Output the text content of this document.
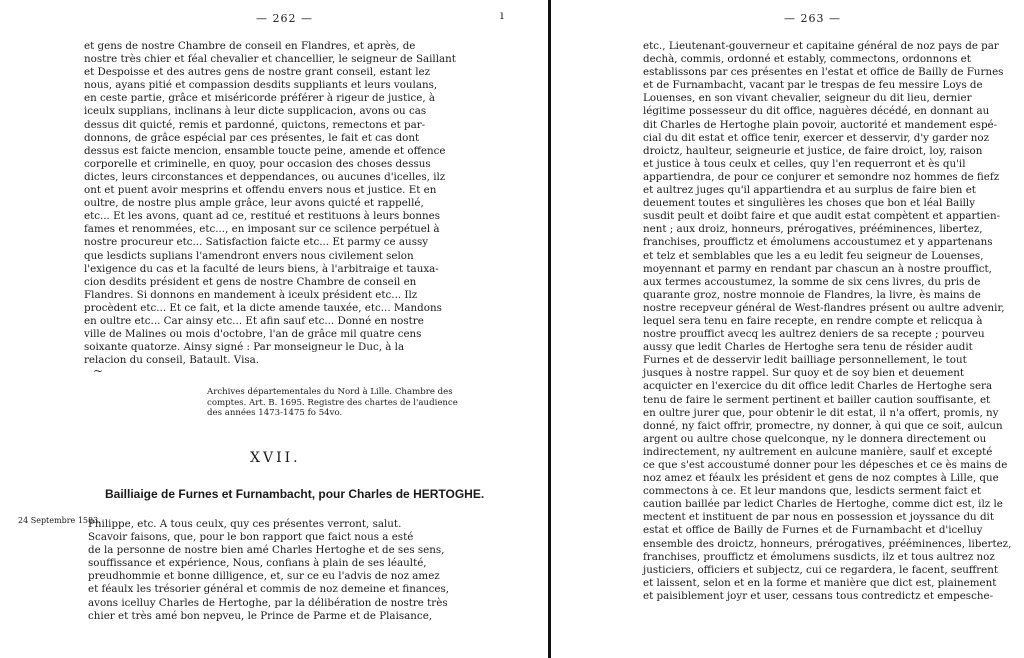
— 262 —
et gens de nostre Chambre de conseil en Flandres, et après, de
nostre très chier et féal chevalier et chancellier, le seigneur de Saillant
et Despoisse et des autres gens de nostre grant conseil, estant lez
nous, ayans pitié et compassion desdits suppliants et leurs voulans,
en ceste partie, grâce et miséricorde préférer à rigeur de justice, à
iceulx supplians, inclinans à leur dicte supplicacion, avons ou cas
dessus dit quicté, remis et pardonné, quictons, remectons et par-
donnons, de grâce espécial par ces présentes, le fait et cas dont
dessus est faicte mencion, ensamble toucte peine, amende et offence
corporelle et criminelle, en quoy, pour occasion des choses dessus
dictes, leurs circonstances et deppendances, ou aucunes d'icelles, ilz
ont et puent avoir mesprins et offendu envers nous et justice. Et en
oultre, de nostre plus ample grâce, leur avons quicté et rappellé,
etc... Et les avons, quant ad ce, restitué et restituons à leurs bonnes
fames et renommées, etc..., en imposant sur ce scilence perpétuel à
nostre procureur etc... Satisfaction faicte etc... Et parmy ce aussy
que lesdicts suplians l'amendront envers nous civilement selon
l'exigence du cas et la faculté de leurs biens, à l'arbitraige et tauxa-
cion desdits président et gens de nostre Chambre de conseil en
Flandres. Si donnons en mandement à iceulx président etc... Ilz
procèdent etc... Et ce fait, et la dicte amende tauxée, etc... Mandons
en oultre etc... Car ainsy etc... Et afin sauf etc... Donné en nostre
ville de Malines ou mois d'octobre, l'an de grâce mil quatre cens
soixante quatorze. Ainsy signé : Par monseigneur le Duc, à la
relacion du conseil, Batault. Visa.
Archives départementales du Nord à Lille. Chambre des
comptes. Art. B. 1695. Registre des chartes de l'audience
des années 1473-1475 fo 54vo.
XVII.
Bailliaige de Furnes et Furnambacht, pour Charles de HERTOGHE.
24 Septembre 1583.
Philippe, etc. A tous ceulx, quy ces présentes verront, salut.
Scavoir faisons, que, pour le bon rapport que faict nous a esté
de la personne de nostre bien amé Charles Hertoghe et de ses sens,
souffissance et expérience, Nous, confians à plain de ses léaulté,
preudhommie et bonne dilligence, et, sur ce eu l'advis de noz amez
et féaulx les trésorier général et commis de noz demeine et finances,
avons icelluy Charles de Hertoghe, par la délibération de nostre très
chier et très amé bon nepveu, le Prince de Parme et de Plaisance,
ı
~
— 263 —
etc., Lieutenant-gouverneur et capitaine général de noz pays de par
dechà, commis, ordonné et estably, commectons, ordonnons et
establissons par ces présentes en l'estat et office de Bailly de Furnes
et de Furnambacht, vacant par le trespas de feu messire Loys de
Louenses, en son vivant chevalier, seigneur du dit lieu, dernier
légitime possesseur du dit office, naguères décédé, en donnant au
dit Charles de Hertoghe plain povoir, auctorité et mandement espé-
cial du dit estat et office tenir, exercer et desservir, d'y garder noz
droictz, haulteur, seigneurie et justice, de faire droict, loy, raison
et justice à tous ceulx et celles, quy l'en requerront et ès qu'il
appartiendra, de pour ce conjurer et semondre noz hommes de fiefz
et aultrez juges qu'il appartiendra et au surplus de faire bien et
deuement toutes et singulières les choses que bon et léal Bailly
susdit peult et doibt faire et que audit estat compètent et appartien-
nent ; aux droiz, honneurs, prérogatives, prééminences, libertez,
franchises, prouffictz et émolumens accoustumez et y appartenans
et telz et semblables que les a eu ledit feu seigneur de Louenses,
moyennant et parmy en rendant par chascun an à nostre prouffict,
aux termes accoustumez, la somme de six cens livres, du pris de
quarante groz, nostre monnoie de Flandres, la livre, ès mains de
nostre recepveur général de West-flandres présent ou aultre advenir,
lequel sera tenu en faire recepte, en rendre compte et relicqua à
nostre prouffict avecq les aultrez deniers de sa recepte ; pourveu
aussy que ledit Charles de Hertoghe sera tenu de résider audit
Furnes et de desservir ledit bailliage personnellement, le tout
jusques à nostre rappel. Sur quoy et de soy bien et deuement
acquicter en l'exercice du dit office ledit Charles de Hertoghe sera
tenu de faire le serment pertinent et bailler caution souffisante, et
en oultre jurer que, pour obtenir le dit estat, il n'a offert, promis, ny
donné, ny faict offrir, promectre, ny donner, à qui que ce soit, aulcun
argent ou aultre chose quelconque, ny le donnera directement ou
indirectement, ny aultrement en aulcune manière, saulf et excepté
ce que s'est accoustumé donner pour les dépesches et ce ès mains de
noz amez et féaulx les président et gens de noz comptes à Lille, que
commectons à ce. Et leur mandons que, lesdicts serment faict et
caution baillée par ledict Charles de Hertoghe, comme dict est, ilz le
mectent et instituent de par nous en possession et joyssance du dit
estat et office de Bailly de Furnes et de Furnambacht et d'icelluy
ensemble des droictz, honneurs, prérogatives, prééminences, libertez,
franchises, prouffictz et émolumens susdicts, ilz et tous aultrez noz
justiciers, officiers et subjectz, cui ce regardera, le facent, seuffrent
et laissent, selon et en la forme et manière que dict est, plainement
et paisiblement joyr et user, cessans tous contredictz et empesche-
